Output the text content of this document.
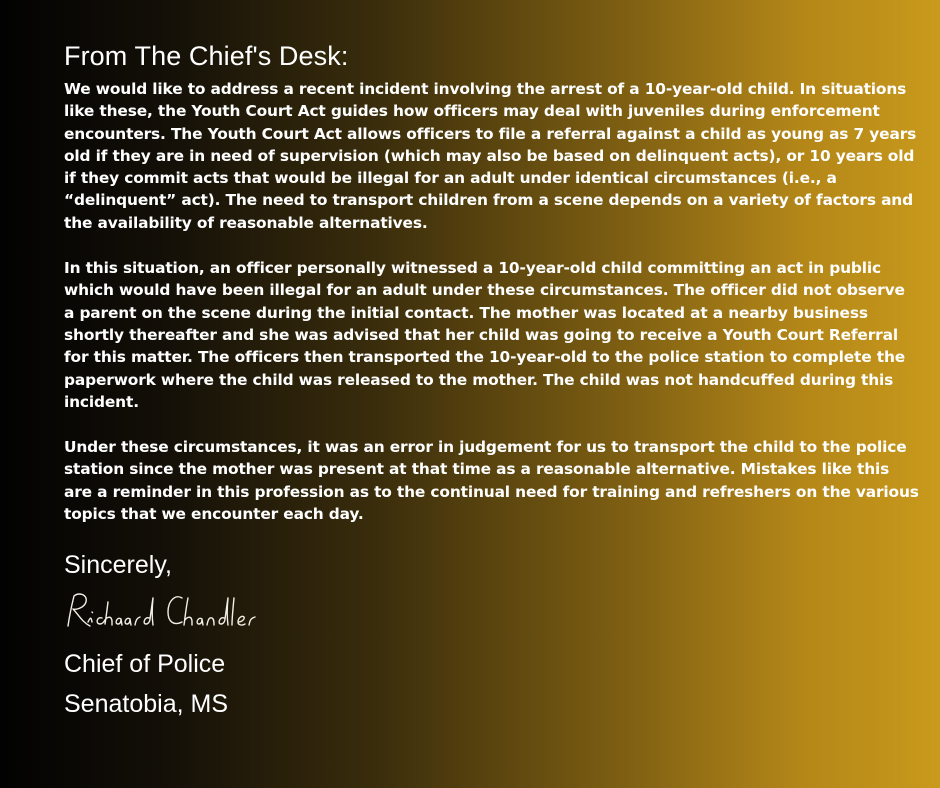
From The Chief's Desk:

We would like to address a recent incident involving the arrest of a 10-year-old child. In situations like these, the Youth Court Act guides how officers may deal with juveniles during enforcement encounters. The Youth Court Act allows officers to file a referral against a child as young as 7 years old if they are in need of supervision (which may also be based on delinquent acts), or 10 years old if they commit acts that would be illegal for an adult under identical circumstances (i.e., a “delinquent” act). The need to transport children from a scene depends on a variety of factors and the availability of reasonable alternatives.

In this situation, an officer personally witnessed a 10-year-old child committing an act in public which would have been illegal for an adult under these circumstances. The officer did not observe a parent on the scene during the initial contact. The mother was located at a nearby business shortly thereafter and she was advised that her child was going to receive a Youth Court Referral for this matter. The officers then transported the 10-year-old to the police station to complete the paperwork where the child was released to the mother. The child was not handcuffed during this incident.

Under these circumstances, it was an error in judgement for us to transport the child to the police station since the mother was present at that time as a reasonable alternative. Mistakes like this are a reminder in this profession as to the continual need for training and refreshers on the various topics that we encounter each day.

Sincerely,

Chief of Police

Senatobia, MS
